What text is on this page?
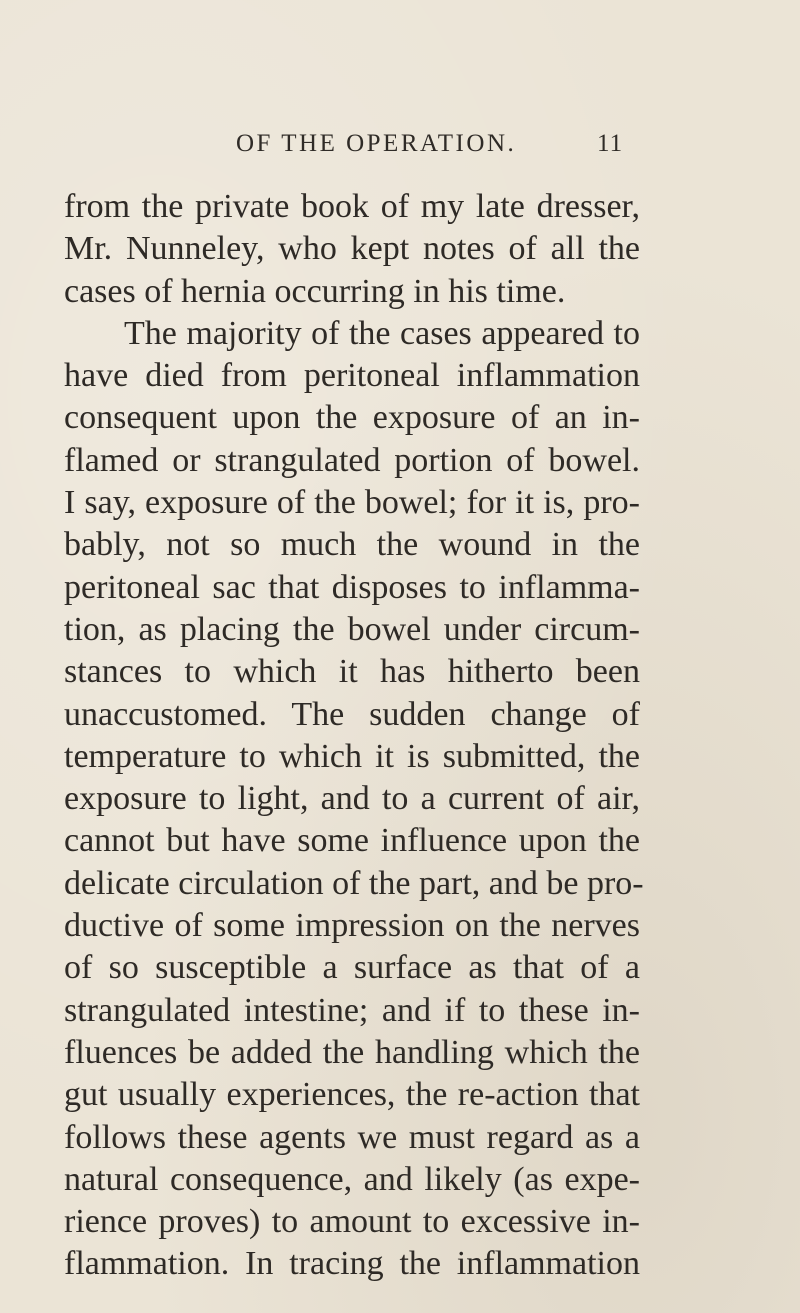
OF THE OPERATION.	11
from the private book of my late dresser,
Mr. Nunneley, who kept notes of all the
cases of hernia occurring in his time.
The majority of the cases appeared to
have died from peritoneal inflammation
consequent upon the exposure of an in-
flamed or strangulated portion of bowel.
I say, exposure of the bowel; for it is, pro-
bably, not so much the wound in the
peritoneal sac that disposes to inflamma-
tion, as placing the bowel under circum-
stances to which it has hitherto been
unaccustomed. The sudden change of
temperature to which it is submitted, the
exposure to light, and to a current of air,
cannot but have some influence upon the
delicate circulation of the part, and be pro-
ductive of some impression on the nerves
of so susceptible a surface as that of a
strangulated intestine; and if to these in-
fluences be added the handling which the
gut usually experiences, the re-action that
follows these agents we must regard as a
natural consequence, and likely (as expe-
rience proves) to amount to excessive in-
flammation. In tracing the inflammation
